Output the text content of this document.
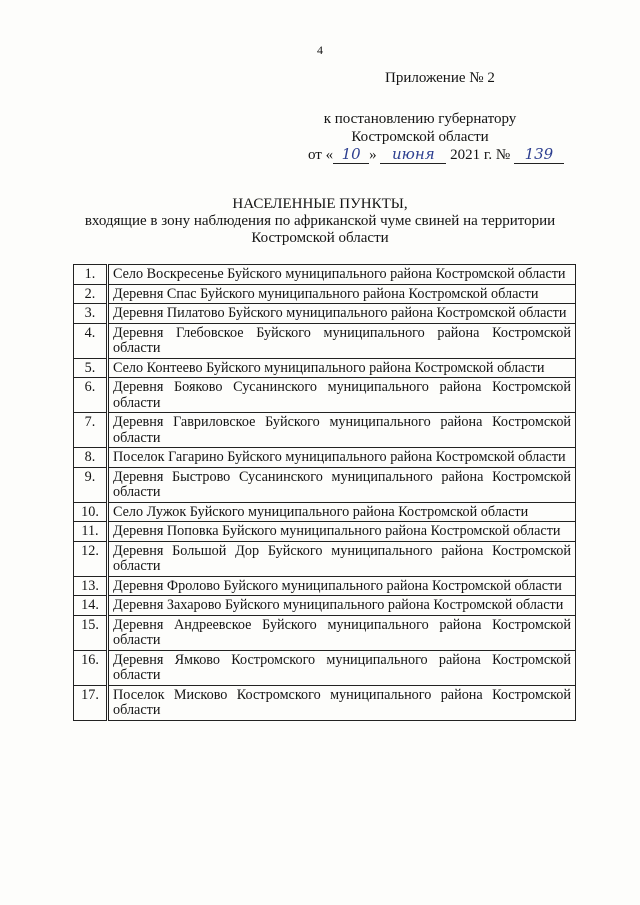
4
Приложение № 2
к постановлению губернатору
Костромской области
от « 10 » июня 2021 г. № 139
НАСЕЛЕННЫЕ ПУНКТЫ,
входящие в зону наблюдения по африканской чуме свиней на территории
Костромской области
1.	Село Воскресенье Буйского муниципального района Костромской области
2.	Деревня Спас Буйского муниципального района Костромской области
3.	Деревня Пилатово Буйского муниципального района Костромской области
4.	Деревня Глебовское Буйского муниципального района Костромской области
5.	Село Контеево Буйского муниципального района Костромской области
6.	Деревня Бояково Сусанинского муниципального района Костромской области
7.	Деревня Гавриловское Буйского муниципального района Костромской области
8.	Поселок Гагарино Буйского муниципального района Костромской области
9.	Деревня Быстрово Сусанинского муниципального района Костромской области
10.	Село Лужок Буйского муниципального района Костромской области
11.	Деревня Поповка Буйского муниципального района Костромской области
12.	Деревня Большой Дор Буйского муниципального района Костромской области
13.	Деревня Фролово Буйского муниципального района Костромской области
14.	Деревня Захарово Буйского муниципального района Костромской области
15.	Деревня Андреевское Буйского муниципального района Костромской области
16.	Деревня Ямково Костромского муниципального района Костромской области
17.	Поселок Мисково Костромского муниципального района Костромской области
